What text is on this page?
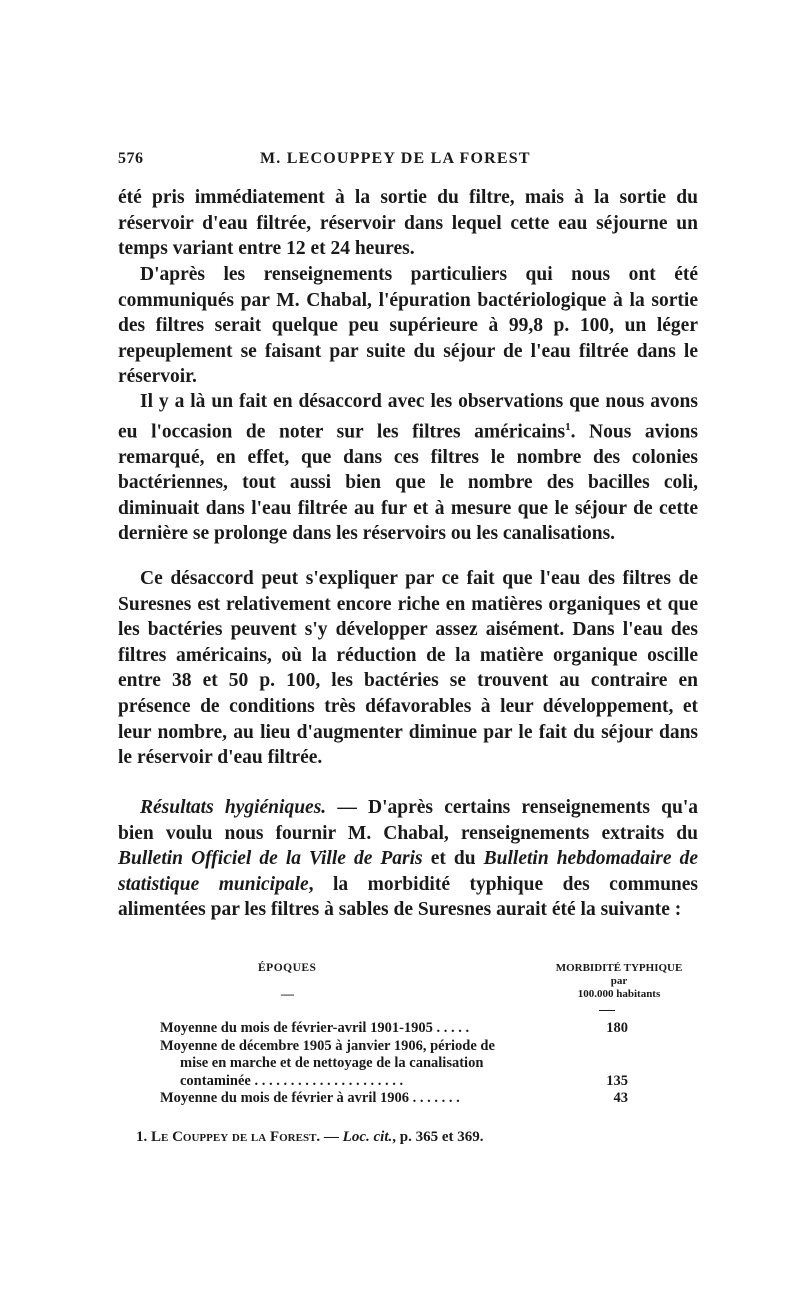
576	M. LECOUPPEY DE LA FOREST

été pris immédiatement à la sortie du filtre, mais à la sortie du réservoir d'eau filtrée, réservoir dans lequel cette eau séjourne un temps variant entre 12 et 24 heures.

D'après les renseignements particuliers qui nous ont été communiqués par M. Chabal, l'épuration bactériologique à la sortie des filtres serait quelque peu supérieure à 99,8 p. 100, un léger repeuplement se faisant par suite du séjour de l'eau filtrée dans le réservoir.

Il y a là un fait en désaccord avec les observations que nous avons eu l'occasion de noter sur les filtres américains$^1$. Nous avions remarqué, en effet, que dans ces filtres le nombre des colonies bactériennes, tout aussi bien que le nombre des bacilles coli, diminuait dans l'eau filtrée au fur et à mesure que le séjour de cette dernière se prolonge dans les réservoirs ou les canalisations.

Ce désaccord peut s'expliquer par ce fait que l'eau des filtres de Suresnes est relativement encore riche en matières organiques et que les bactéries peuvent s'y développer assez aisément. Dans l'eau des filtres américains, où la réduction de la matière organique oscille entre 38 et 50 p. 100, les bactéries se trouvent au contraire en présence de conditions très défavorables à leur développement, et leur nombre, au lieu d'augmenter diminue par le fait du séjour dans le réservoir d'eau filtrée.

Résultats hygiéniques. — D'après certains renseignements qu'a bien voulu nous fournir M. Chabal, renseignements extraits du Bulletin Officiel de la Ville de Paris et du Bulletin hebdomadaire de statistique municipale, la morbidité typhique des communes alimentées par les filtres à sables de Suresnes aurait été la suivante :

ÉPOQUES
—
MORBIDITÉ TYPHIQUE
par
100.000 habitants
Moyenne du mois de février-avril 1901-1905 . . . . .	180
Moyenne de décembre 1905 à janvier 1906, période de
mise en marche et de nettoyage de la canalisation
contaminée . . . . . . . . . . . . . . . . . . . . .	135
Moyenne du mois de février à avril 1906 . . . . . . .	43
1. Le Couppey de la Forest. — Loc. cit., p. 365 et 369.
